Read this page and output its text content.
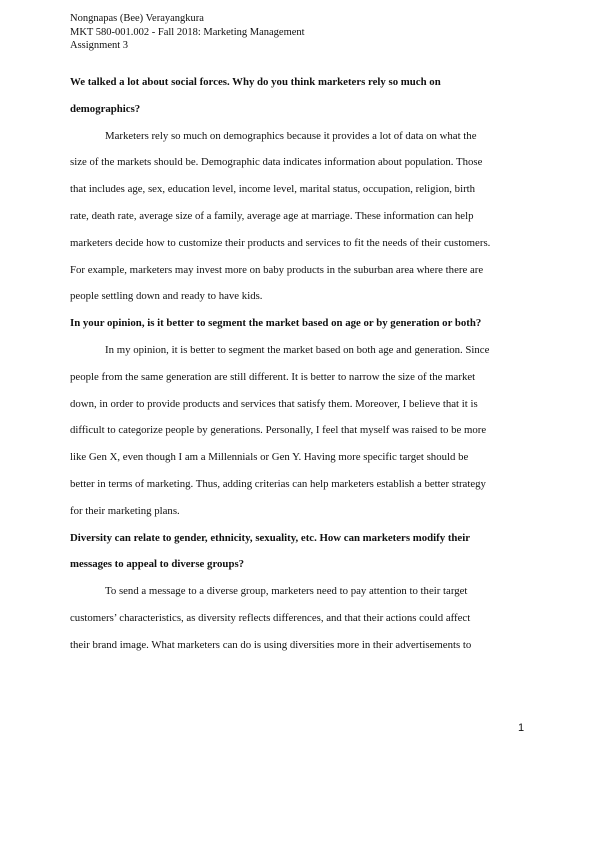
Nongnapas (Bee) Verayangkura
MKT 580-001.002 - Fall 2018: Marketing Management
Assignment 3

We talked a lot about social forces. Why do you think marketers rely so much on

demographics?

Marketers rely so much on demographics because it provides a lot of data on what the

size of the markets should be. Demographic data indicates information about population. Those

that includes age, sex, education level, income level, marital status, occupation, religion, birth

rate, death rate, average size of a family, average age at marriage. These information can help

marketers decide how to customize their products and services to fit the needs of their customers.

For example, marketers may invest more on baby products in the suburban area where there are

people settling down and ready to have kids.

In your opinion, is it better to segment the market based on age or by generation or both?

In my opinion, it is better to segment the market based on both age and generation. Since

people from the same generation are still different. It is better to narrow the size of the market

down, in order to provide products and services that satisfy them. Moreover, I believe that it is

difficult to categorize people by generations. Personally, I feel that myself was raised to be more

like Gen X, even though I am a Millennials or Gen Y. Having more specific target should be

better in terms of marketing. Thus, adding criterias can help marketers establish a better strategy

for their marketing plans.

Diversity can relate to gender, ethnicity, sexuality, etc. How can marketers modify their

messages to appeal to diverse groups?

To send a message to a diverse group, marketers need to pay attention to their target

customers’ characteristics, as diversity reflects differences, and that their actions could affect

their brand image. What marketers can do is using diversities more in their advertisements to

1
